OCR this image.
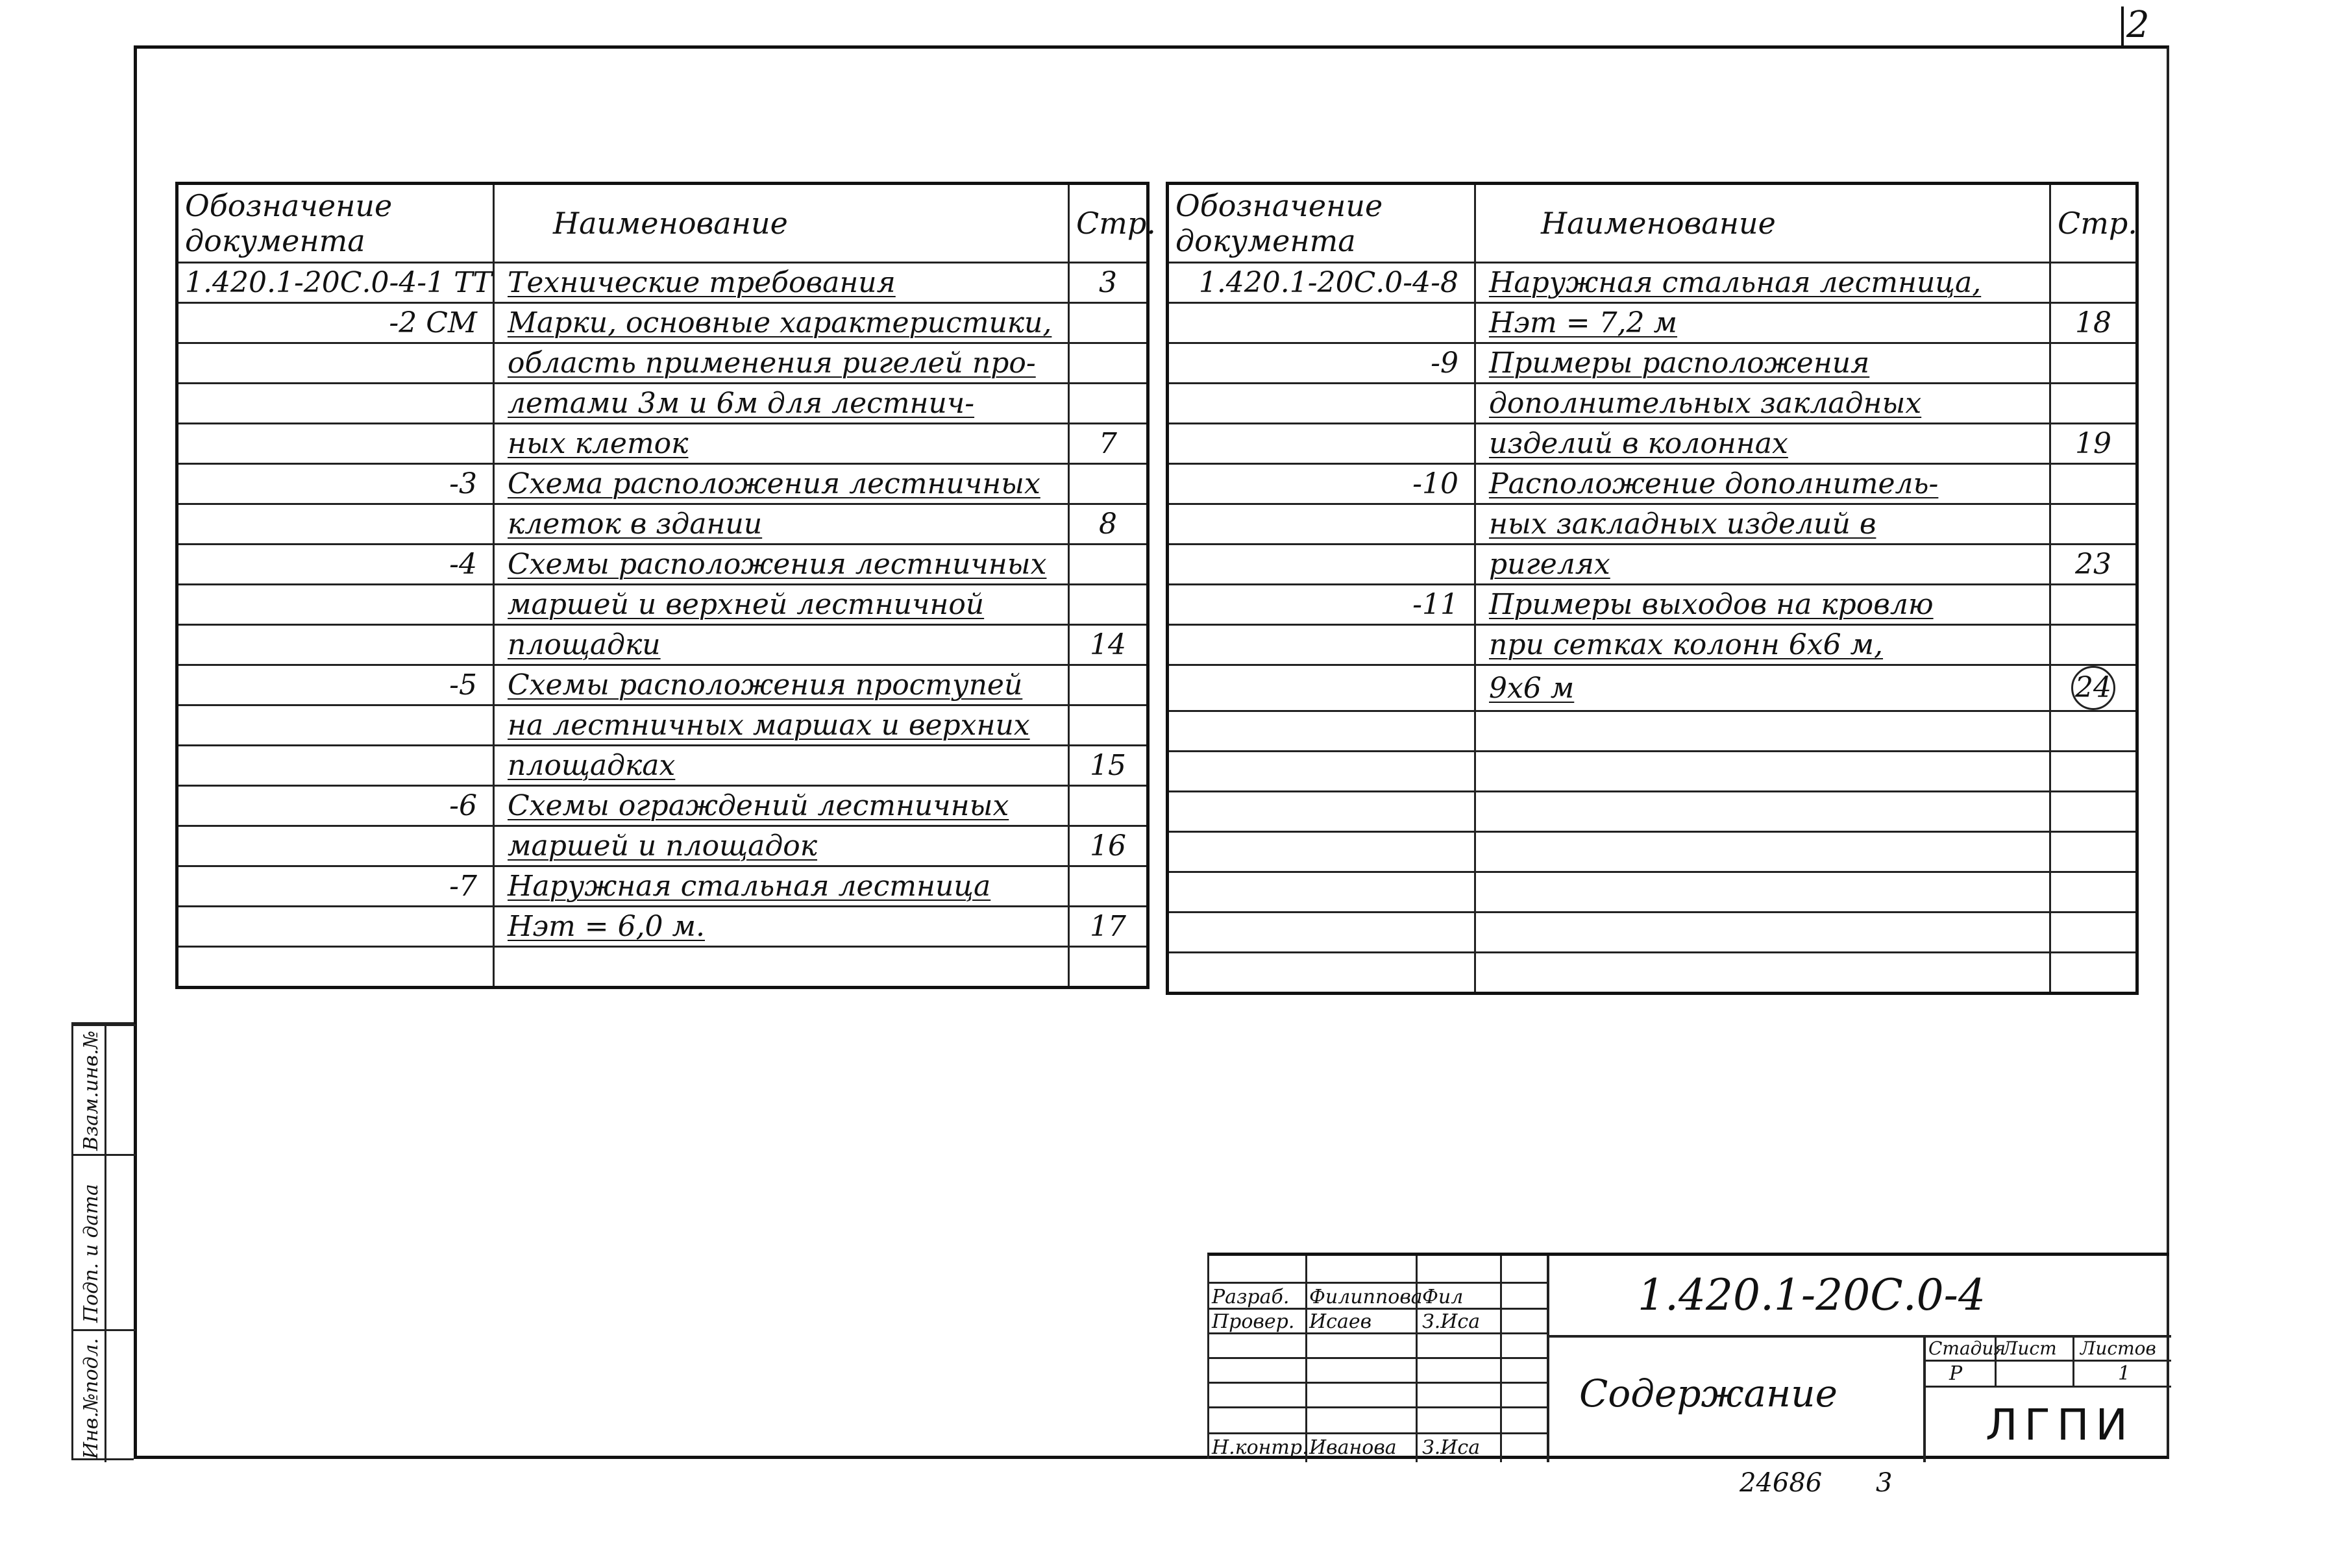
2
Обозначение документа	Наименование	Стр.
1.420.1-20С.0-4-1 ТТ	Технические требования	3
-2 СМ	Марки, основные характеристики,	
	область применения ригелей про-	
	летами 3м и 6м для лестнич-	
	ных клеток	7
-3	Схема расположения лестничных	
	клеток в здании	8
-4	Схемы расположения лестничных	
	маршей и верхней лестничной	
	площадки	14
-5	Схемы расположения проступей	
	на лестничных маршах и верхних	
	площадках	15
-6	Схемы ограждений лестничных	
	маршей и площадок	16
-7	Наружная стальная лестница	
	Нэт = 6,0 м.	17

Обозначение документа	Наименование	Стр.
1.420.1-20С.0-4-8	Наружная стальная лестница,	
	Нэт = 7,2 м	18
-9	Примеры расположения	
	дополнительных закладных	
	изделий в колоннах	19
-10	Расположение дополнитель-	
	ных закладных изделий в	
	ригелях	23
-11	Примеры выходов на кровлю	
	при сетках колонн 6х6 м,	
	9х6 м	24

Взам.инв.№
Подп. и дата
Инв.№подл.
Разраб. Филиппова Фил
Провер. Исаев	З.Иса
Н.контр. Иванова З.Иса
1.420.1-20С.0-4
Содержание
Стадия
Лист Листов
Р	1
ЛГПИ
24686 3
